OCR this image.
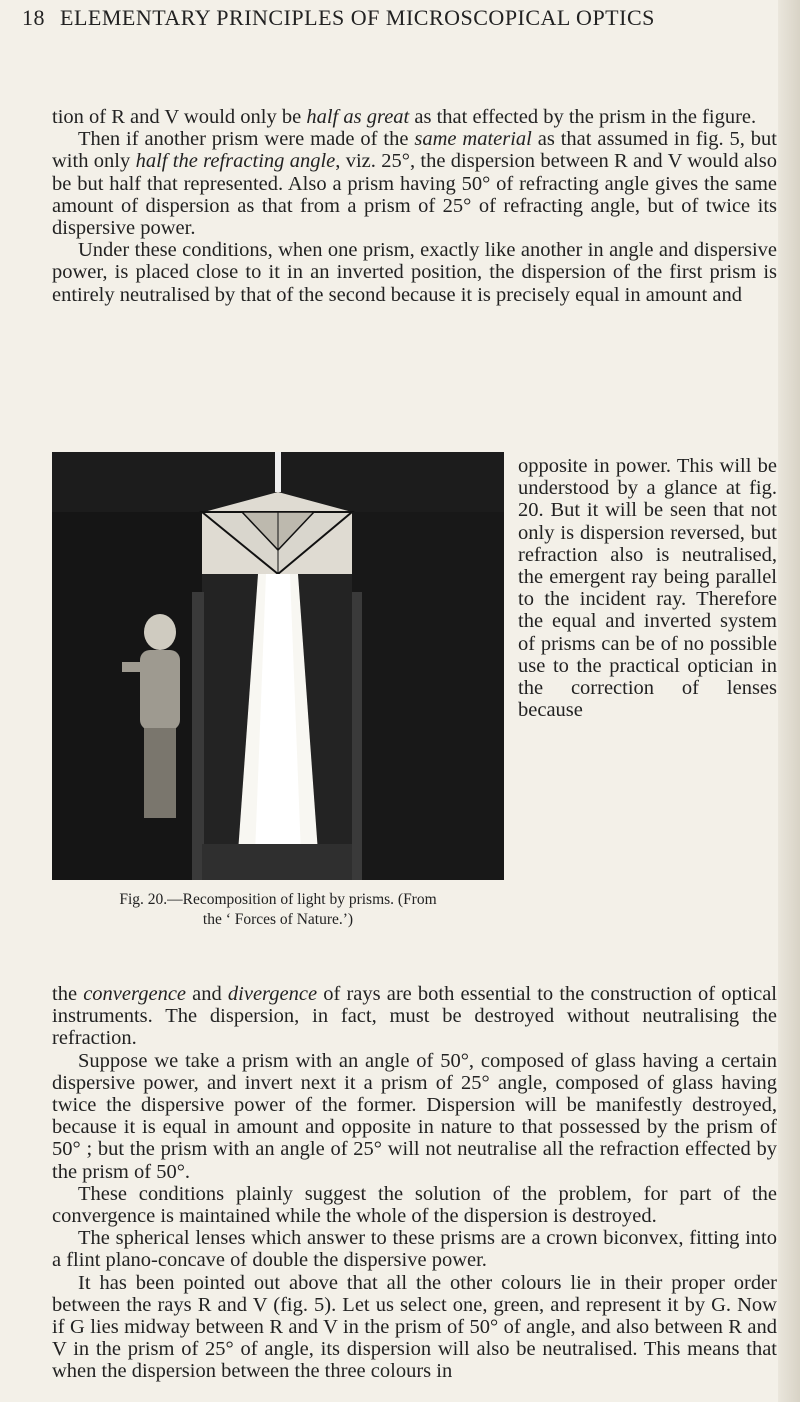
18 ELEMENTARY PRINCIPLES OF MICROSCOPICAL OPTICS

tion of R and V would only be half as great as that effected by the prism in the figure.

Then if another prism were made of the same material as that assumed in fig. 5, but with only half the refracting angle, viz. 25°, the dispersion between R and V would also be but half that represented. Also a prism having 50° of refracting angle gives the same amount of dispersion as that from a prism of 25° of refracting angle, but of twice its dispersive power.

Under these conditions, when one prism, exactly like another in angle and dispersive power, is placed close to it in an inverted position, the dispersion of the first prism is entirely neutralised by that of the second because it is precisely equal in amount and

Fig. 20.—Recomposition of light by prisms. (From
the ‘ Forces of Nature.’)
opposite in power. This will be understood by a glance at fig. 20. But it will be seen that not only is dispersion reversed, but refraction also is neutralised, the emergent ray being parallel to the incident ray. Therefore the equal and inverted system of prisms can be of no possible use to the practical optician in the correction of lenses because

the convergence and divergence of rays are both essential to the construction of optical instruments. The dispersion, in fact, must be destroyed without neutralising the refraction.

Suppose we take a prism with an angle of 50°, composed of glass having a certain dispersive power, and invert next it a prism of 25° angle, composed of glass having twice the dispersive power of the former. Dispersion will be manifestly destroyed, because it is equal in amount and opposite in nature to that possessed by the prism of 50° ; but the prism with an angle of 25° will not neutralise all the refraction effected by the prism of 50°.

These conditions plainly suggest the solution of the problem, for part of the convergence is maintained while the whole of the dispersion is destroyed.

The spherical lenses which answer to these prisms are a crown biconvex, fitting into a flint plano-concave of double the dispersive power.

It has been pointed out above that all the other colours lie in their proper order between the rays R and V (fig. 5). Let us select one, green, and represent it by G. Now if G lies midway between R and V in the prism of 50° of angle, and also between R and V in the prism of 25° of angle, its dispersion will also be neutralised. This means that when the dispersion between the three colours in
